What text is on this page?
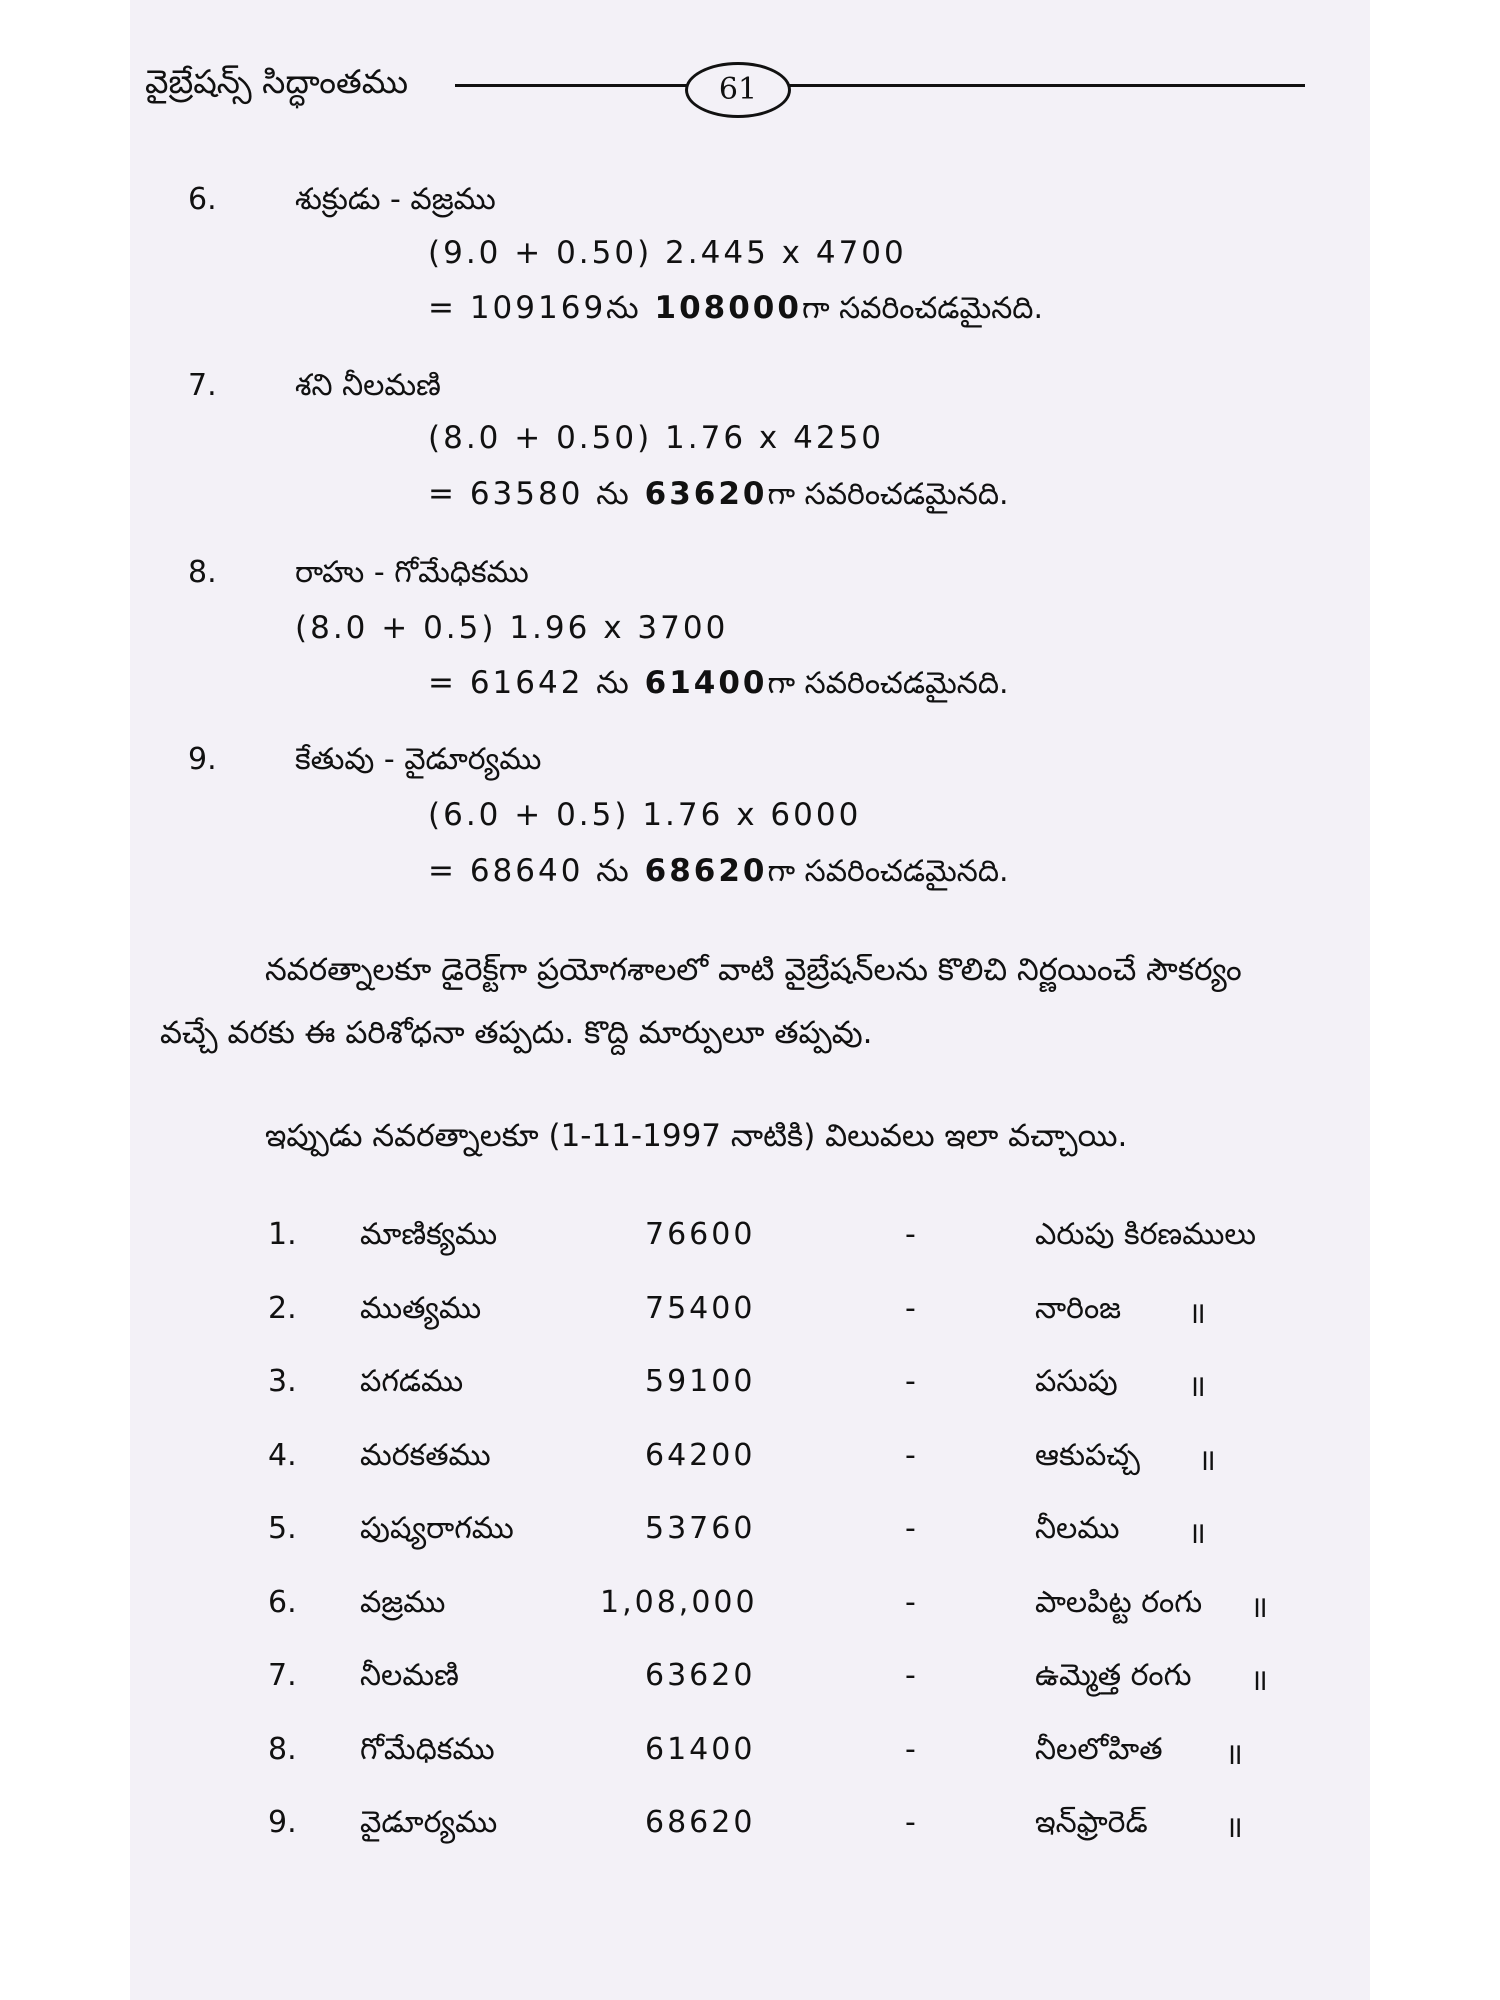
వైబ్రేషన్స్ సిద్ధాంతము	61
6.	శుక్రుడు - వజ్రము
(9.0 + 0.50) 2.445 x 4700
= 109169ను 108000గా సవరించడమైనది.
7.	శని నీలమణి
(8.0 + 0.50) 1.76 x 4250
= 63580 ను 63620గా సవరించడమైనది.
8.	రాహు - గోమేధికము
(8.0 + 0.5) 1.96 x 3700
= 61642 ను 61400గా సవరించడమైనది.
9.	కేతువు - వైడూర్యము
(6.0 + 0.5) 1.76 x 6000
= 68640 ను 68620గా సవరించడమైనది.
నవరత్నాలకూ డైరెక్ట్‌గా ప్రయోగశాలలో వాటి వైబ్రేషన్‌లను కొలిచి నిర్ణయించే సౌకర్యం
వచ్చే వరకు ఈ పరిశోధనా తప్పదు. కొద్ది మార్పులూ తప్పవు.
ఇప్పుడు నవరత్నాలకూ (1-11-1997 నాటికి) విలువలు ఇలా వచ్చాయి.
1. మాణిక్యము	76600	-	ఎరుపు కిరణములు
2. ముత్యము	75400	-	నారింజ ॥
3. పగడము	59100	-	పసుపు ॥
4. మరకతము	64200	-	ఆకుపచ్చ ॥
5. పుష్యరాగము	53760	-	నీలము ॥
6. వజ్రము	1,08,000	-	పాలపిట్ట రంగు ॥
7. నీలమణి	63620	-	ఉమ్మెత్త రంగు ॥
8. గోమేధికము	61400	-	నీలలోహిత ॥
9. వైడూర్యము	68620	-	ఇన్‌ఫ్రారెడ్	॥
